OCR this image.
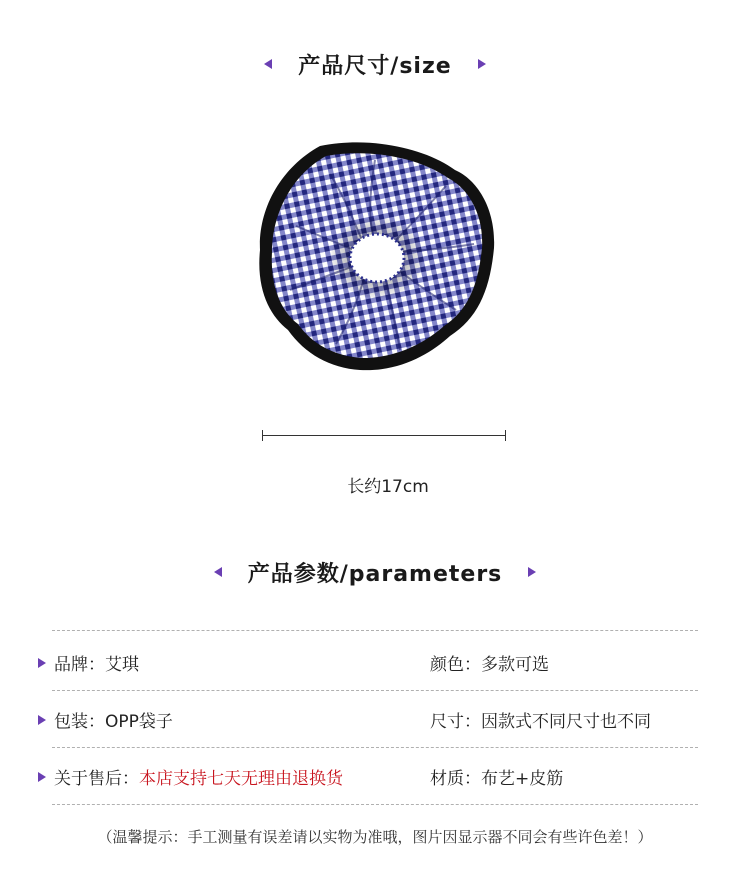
产品尺寸/size
长约17cm
产品参数/parameters
品牌： 艾琪	颜色： 多款可选
包装： OPP袋子	尺寸： 因款式不同尺寸也不同
关于售后： 本店支持七天无理由退换货	材质： 布艺+皮筋
（温馨提示：手工测量有误差请以实物为准哦，图片因显示器不同会有些许色差！）
